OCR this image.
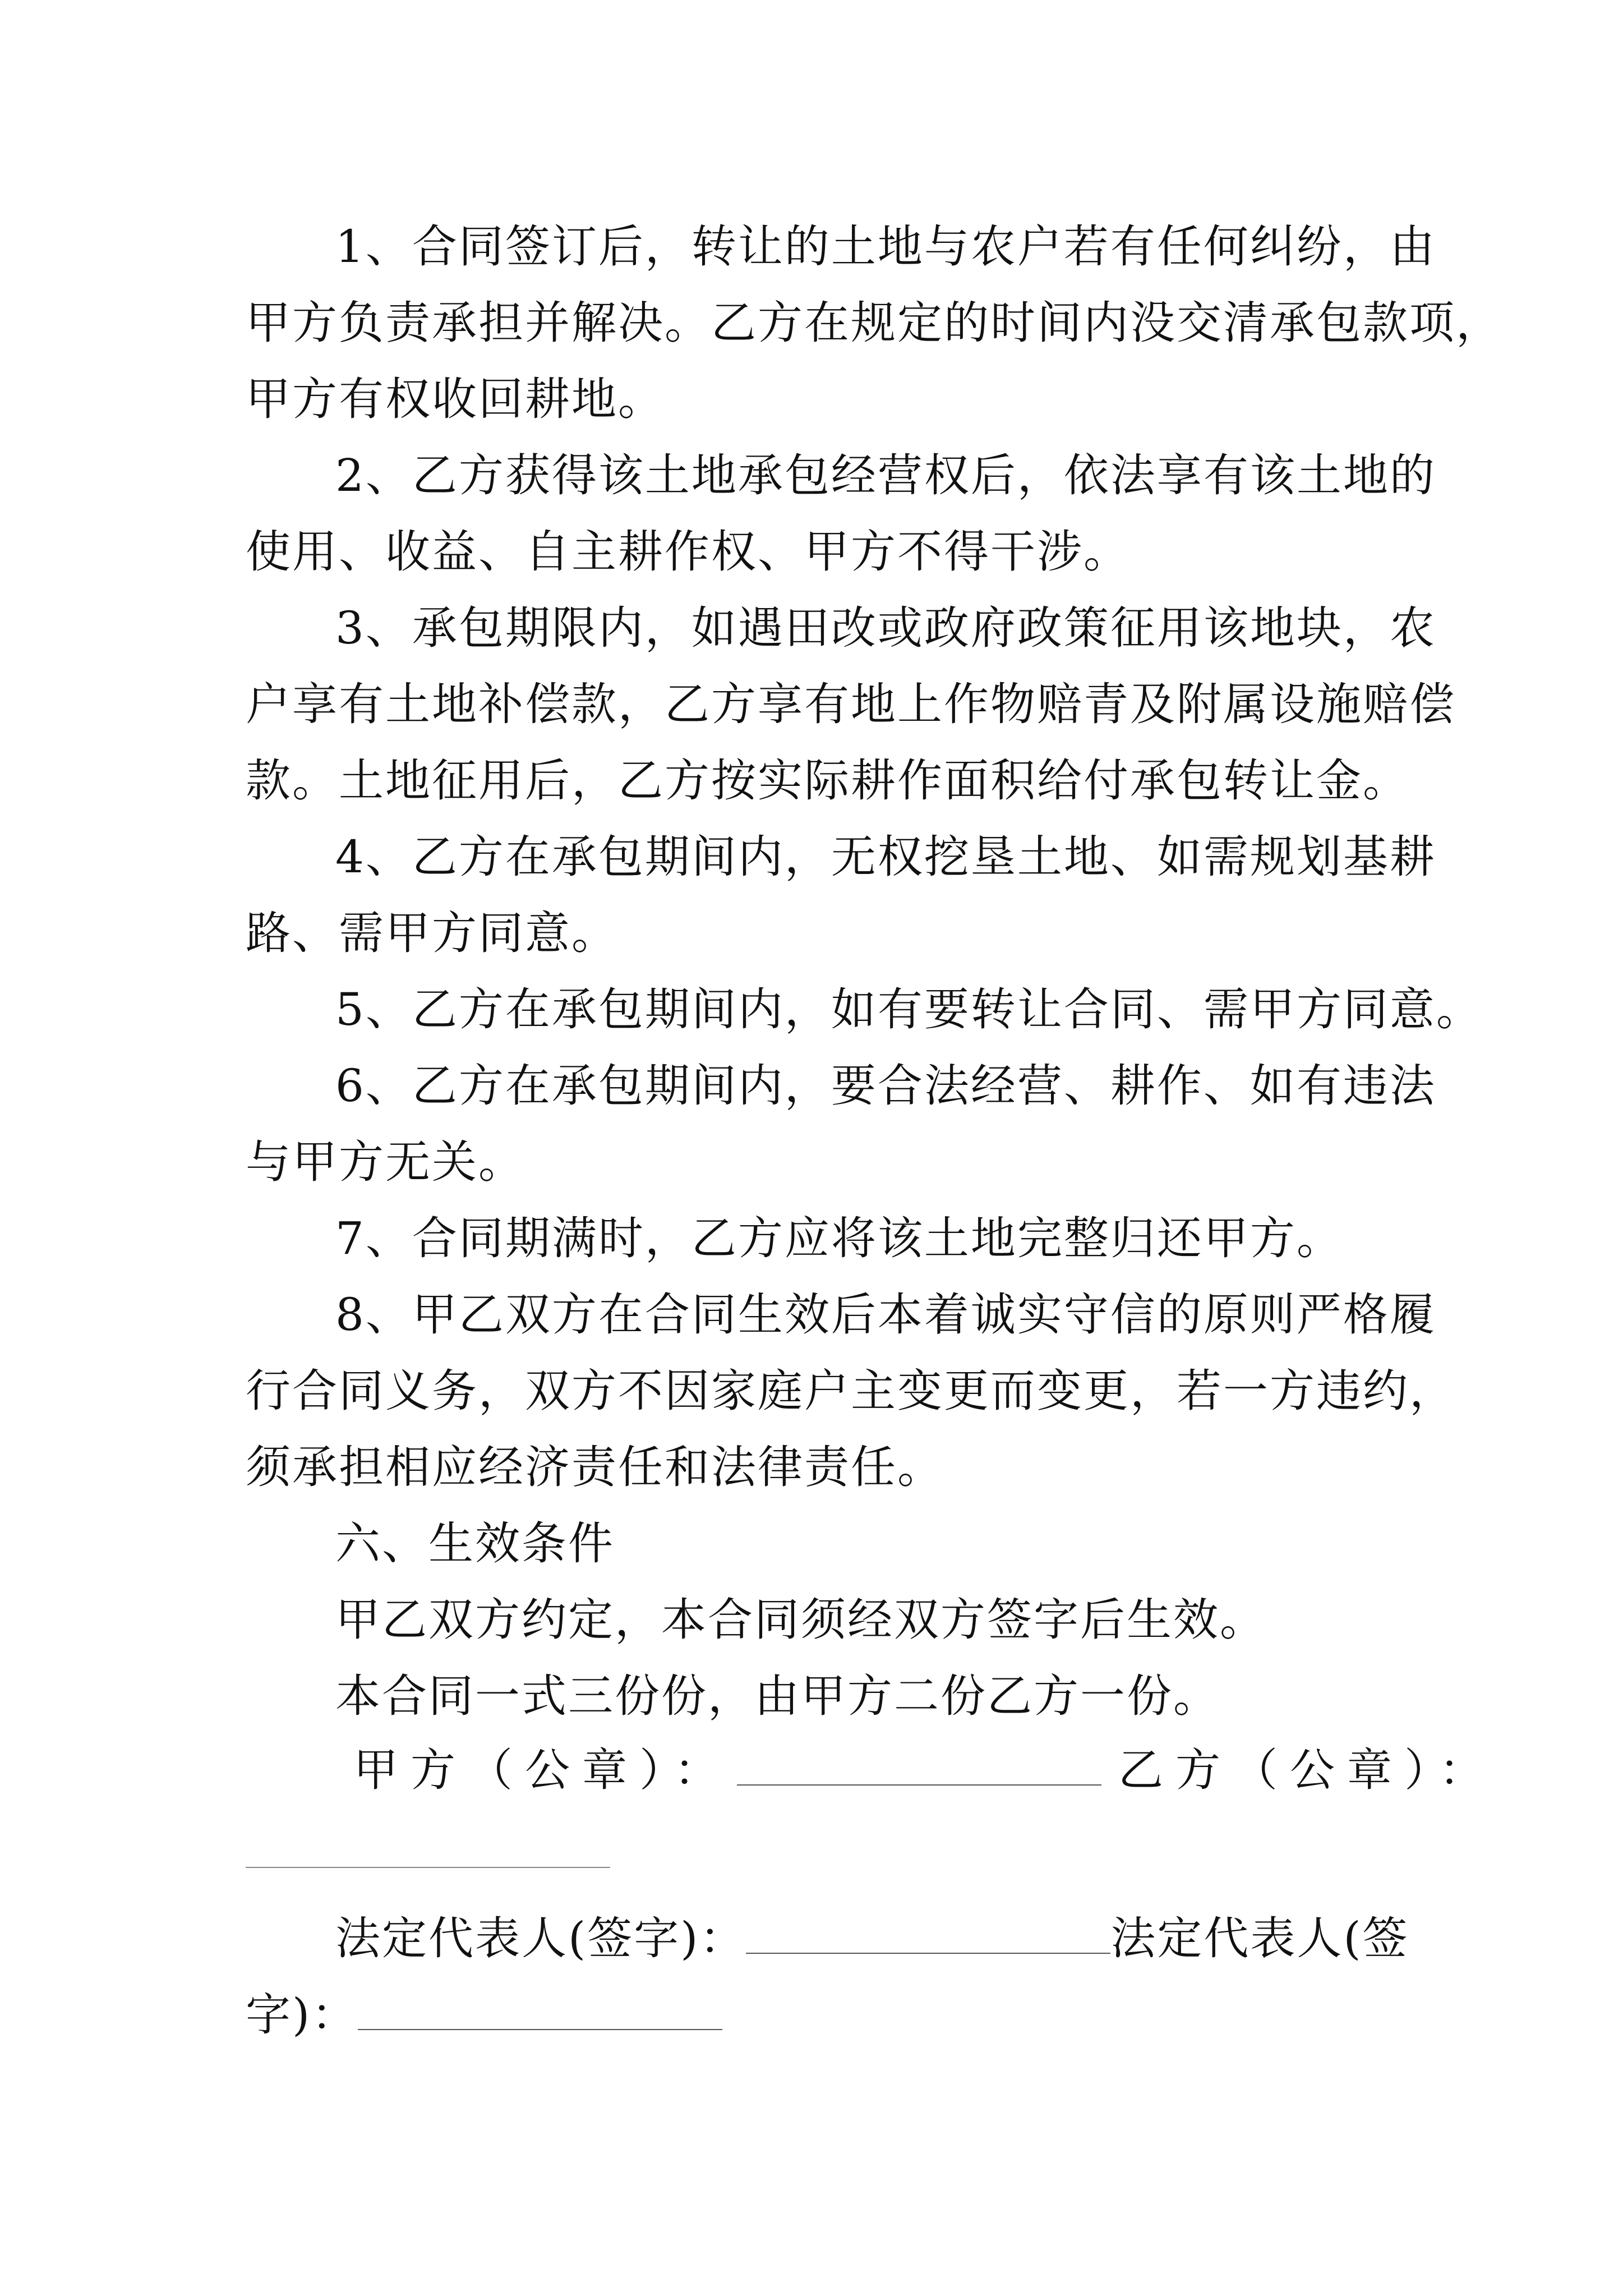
1、合同签订后，转让的土地与农户若有任何纠纷，由
甲方负责承担并解决。乙方在规定的时间内没交清承包款项，
甲方有权收回耕地。
2、乙方获得该土地承包经营权后，依法享有该土地的
使用、收益、自主耕作权、甲方不得干涉。
3、承包期限内，如遇田改或政府政策征用该地块，农
户享有土地补偿款，乙方享有地上作物赔青及附属设施赔偿
款。土地征用后，乙方按实际耕作面积给付承包转让金。
4、乙方在承包期间内，无权挖垦土地、如需规划基耕
路、需甲方同意。
5、乙方在承包期间内，如有要转让合同、需甲方同意。
6、乙方在承包期间内，要合法经营、耕作、如有违法
与甲方无关。
7、合同期满时，乙方应将该土地完整归还甲方。
8、甲乙双方在合同生效后本着诚实守信的原则严格履
行合同义务，双方不因家庭户主变更而变更，若一方违约，
须承担相应经济责任和法律责任。
六、生效条件
甲乙双方约定，本合同须经双方签字后生效。
本合同一式三份份，由甲方二份乙方一份。
甲方（公章）：	乙方（公章）：
法定代表人(签字)：	法定代表人(签
字)：
